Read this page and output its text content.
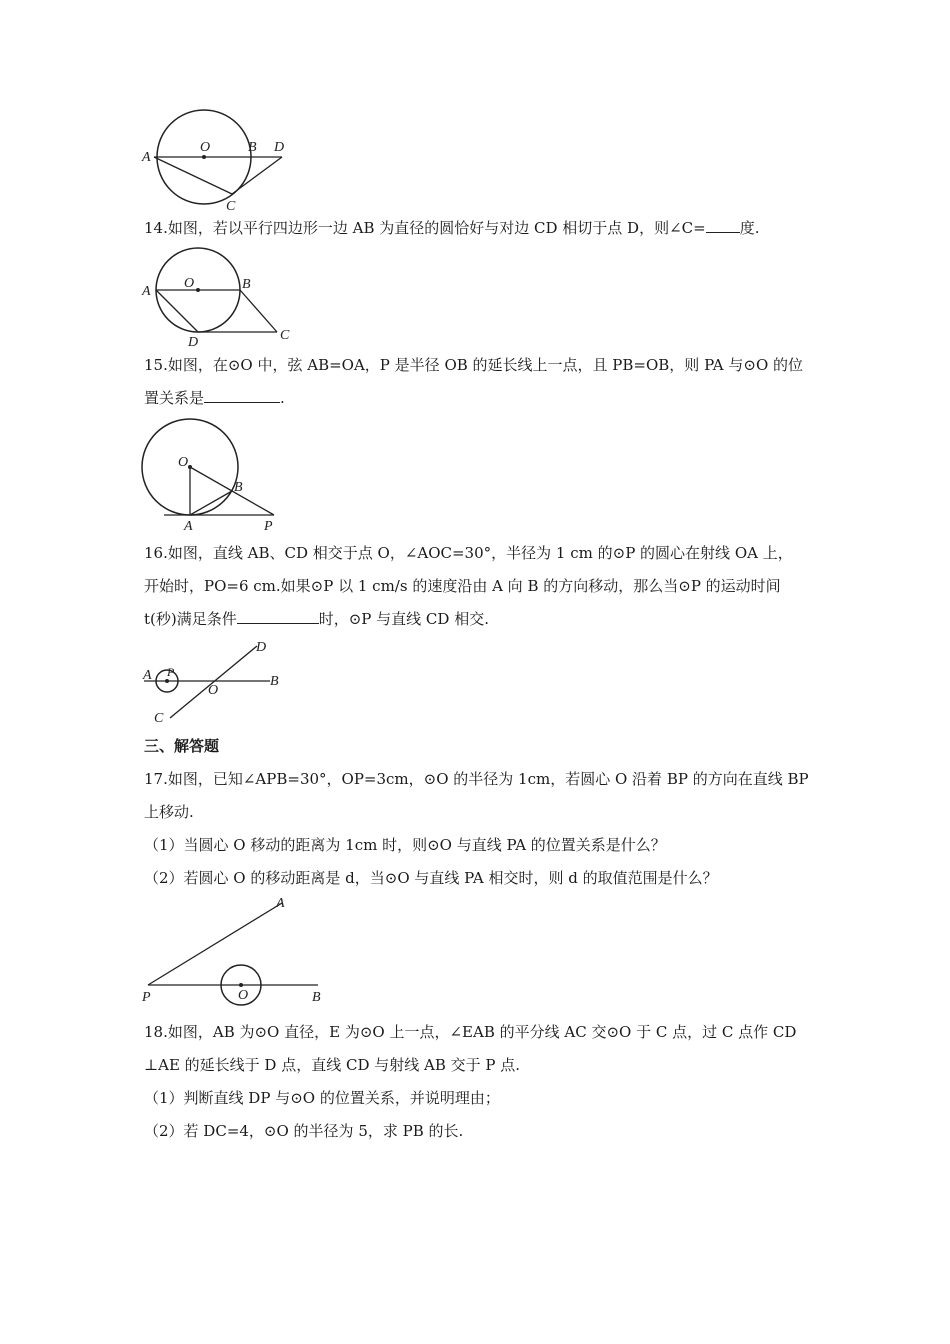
A
O	B D
C
14.如图，若以平行四边形一边 AB 为直径的圆恰好与对边 CD 相切于点 D，则∠C= 度.
A
O	B
C
D
15.如图，在⊙O 中，弦 AB=OA，P 是半径 OB 的延长线上一点，且 PB=OB，则 PA 与⊙O 的位
置关系是	.
O
B
A	P
16.如图，直线 AB、CD 相交于点 O，∠AOC=30°，半径为 1 cm 的⊙P 的圆心在射线 OA 上，
开始时，PO=6 cm.如果⊙P 以 1 cm/s 的速度沿由 A 向 B 的方向移动，那么当⊙P 的运动时间
t(秒)满足条件	时，⊙P 与直线 CD 相交.
A P
O
B
C
D
三、解答题
17.如图，已知∠APB=30°，OP=3cm，⊙O 的半径为 1cm，若圆心 O 沿着 BP 的方向在直线 BP
上移动.
（1）当圆心 O 移动的距离为 1cm 时，则⊙O 与直线 PA 的位置关系是什么？
（2）若圆心 O 的移动距离是 d，当⊙O 与直线 PA 相交时，则 d 的取值范围是什么？
A
P	O	B
18.如图，AB 为⊙O 直径，E 为⊙O 上一点，∠EAB 的平分线 AC 交⊙O 于 C 点，过 C 点作 CD
⊥AE 的延长线于 D 点，直线 CD 与射线 AB 交于 P 点.
（1）判断直线 DP 与⊙O 的位置关系，并说明理由；
（2）若 DC=4，⊙O 的半径为 5，求 PB 的长.
